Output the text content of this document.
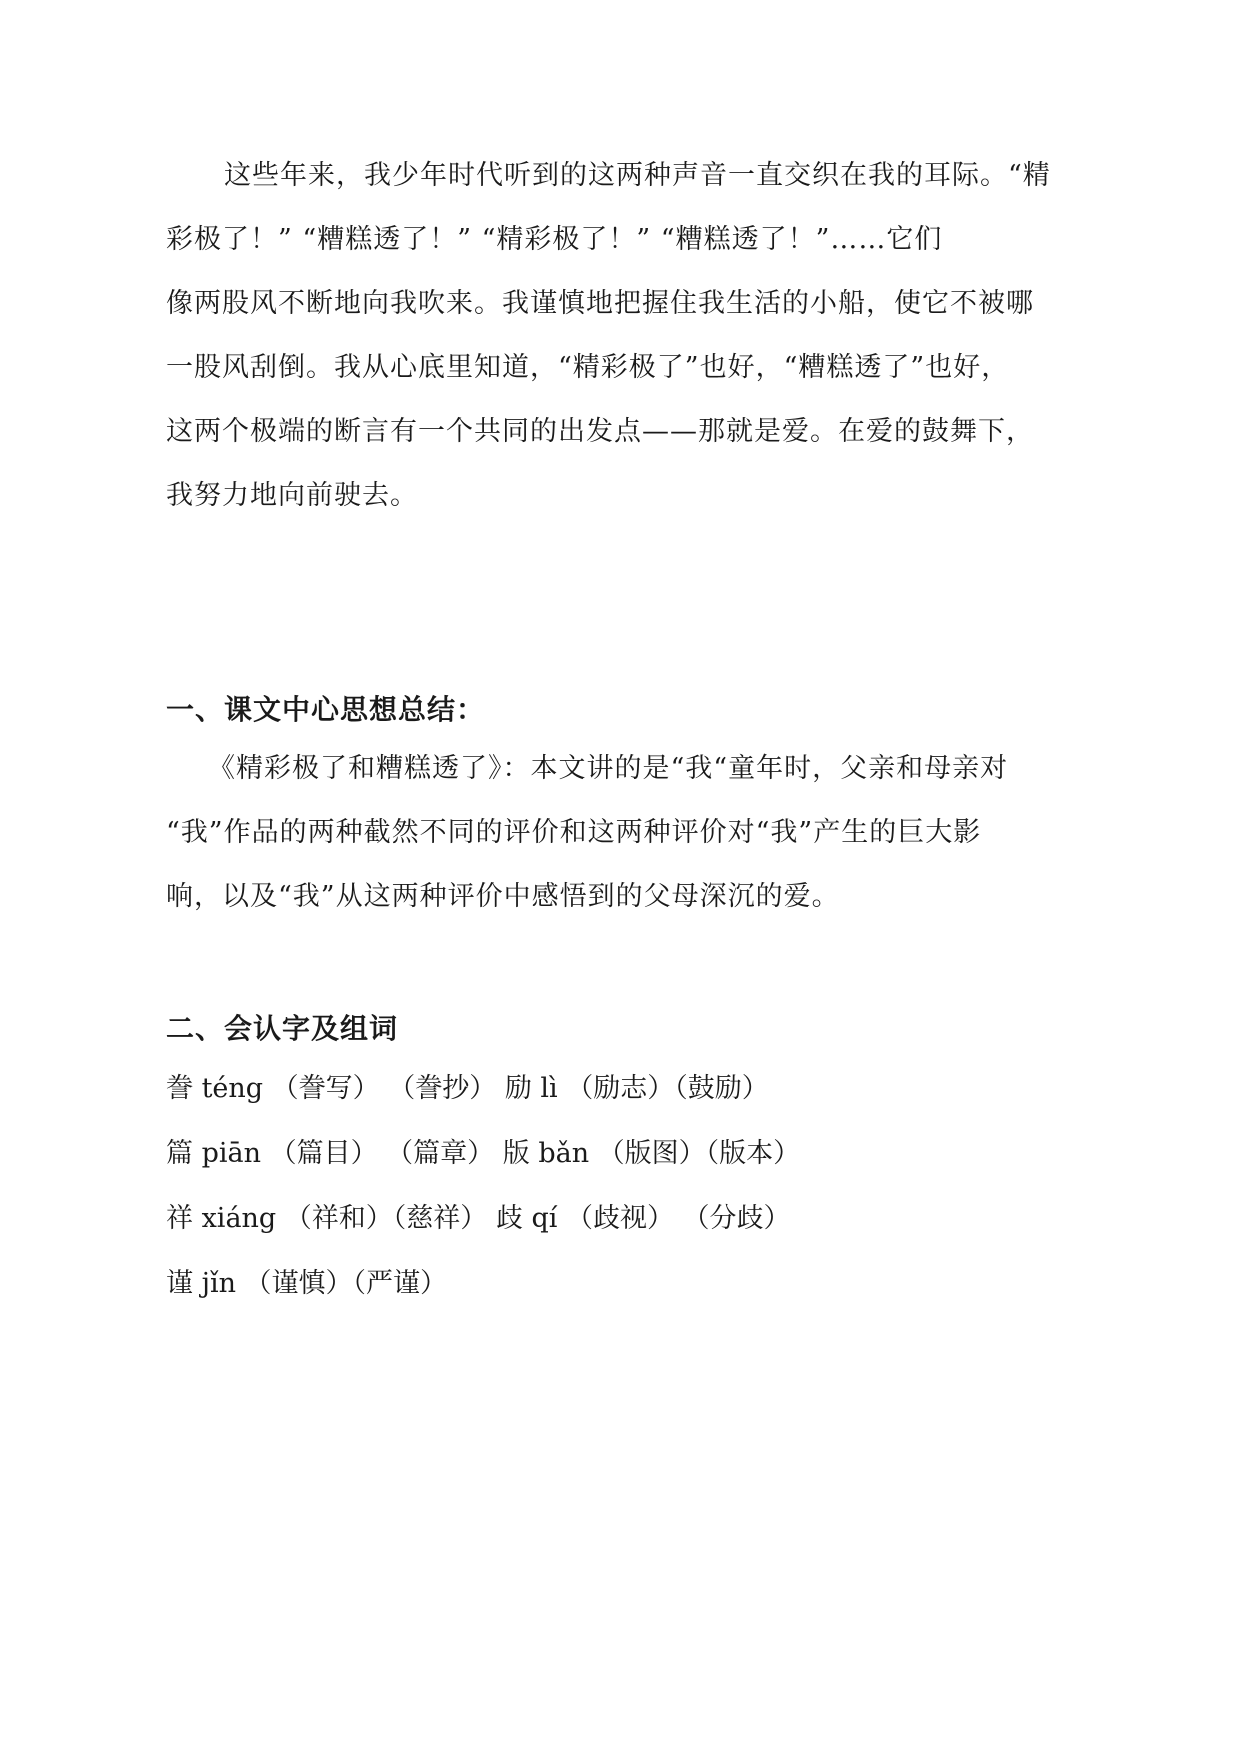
这些年来，我少年时代听到的这两种声音一直交织在我的耳际。“精
彩极了！” “糟糕透了！” “精彩极了！” “糟糕透了！”……它们
像两股风不断地向我吹来。我谨慎地把握住我生活的小船，使它不被哪
一股风刮倒。我从心底里知道，“精彩极了”也好，“糟糕透了”也好，
这两个极端的断言有一个共同的出发点——那就是爱。在爱的鼓舞下，
我努力地向前驶去。
一、课文中心思想总结：
《精彩极了和糟糕透了》：本文讲的是“我“童年时，父亲和母亲对
“我”作品的两种截然不同的评价和这两种评价对“我”产生的巨大影
响，以及“我”从这两种评价中感悟到的父母深沉的爱。
二、会认字及组词
誊 téng （誊写） （誊抄） 励 lì （励志）（鼓励）
篇 piān （篇目） （篇章） 版 bǎn （版图）（版本）
祥 xiáng （祥和）（慈祥） 歧 qí （歧视） （分歧）
谨 jǐn （谨慎）（严谨）
